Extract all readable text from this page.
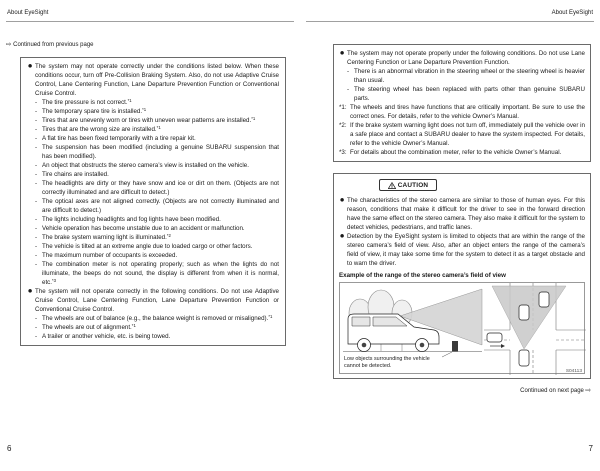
About EyeSight	About EyeSight
⇨ Continued from previous page
● The system may not operate correctly under the conditions listed below. When these conditions occur, turn off Pre-Collision Braking System. Also, do not use Adaptive Cruise Control, Lane Centering Function, Lane Departure Prevention Function or Conventional Cruise Control.
- The tire pressure is not correct.$^{*1}$
- The temporary spare tire is installed.$^{*1}$
- Tires that are unevenly worn or tires with uneven wear patterns are installed.$^{*1}$
- Tires that are the wrong size are installed.$^{*1}$
- A flat tire has been fixed temporarily with a tire repair kit.
- The suspension has been modified (including a genuine SUBARU suspension that has been modified).
- An object that obstructs the stereo camera’s view is installed on the vehicle.
- Tire chains are installed.
- The headlights are dirty or they have snow and ice or dirt on them. (Objects are not correctly illuminated and are difficult to detect.)
- The optical axes are not aligned correctly. (Objects are not correctly illuminated and are difficult to detect.)
- The lights including headlights and fog lights have been modified.
- Vehicle operation has become unstable due to an accident or malfunction.
- The brake system warning light is illuminated.$^{*2}$
- The vehicle is tilted at an extreme angle due to loaded cargo or other factors.
- The maximum number of occupants is exceeded.
- The combination meter is not operating properly; such as when the lights do not illuminate, the beeps do not sound, the display is different from when it is normal, etc.$^{*3}$
● The system will not operate correctly in the following conditions. Do not use Adaptive Cruise Control, Lane Centering Function, Lane Departure Prevention Function or Conventional Cruise Control.
- The wheels are out of balance (e.g., the balance weight is removed or misaligned).$^{*1}$
- The wheels are out of alignment.$^{*1}$
- A trailer or another vehicle, etc. is being towed.
6
● The system may not operate properly under the following conditions. Do not use Lane Centering Function or Lane Departure Prevention Function.
- There is an abnormal vibration in the steering wheel or the steering wheel is heavier than usual.
- The steering wheel has been replaced with parts other than genuine SUBARU parts.
*1: The wheels and tires have functions that are critically important. Be sure to use the correct ones. For details, refer to the vehicle Owner’s Manual.
*2: If the brake system warning light does not turn off, immediately pull the vehicle over in a safe place and contact a SUBARU dealer to have the system inspected. For details, refer to the vehicle Owner’s Manual.
*3: For details about the combination meter, refer to the vehicle Owner’s Manual.
CAUTION
● The characteristics of the stereo camera are similar to those of human eyes. For this reason, conditions that make it difficult for the driver to see in the forward direction have the same effect on the stereo camera. They also make it difficult for the system to detect vehicles, pedestrians, and traffic lanes.
● Detection by the EyeSight system is limited to objects that are within the range of the stereo camera’s field of view. Also, after an object enters the range of the camera’s field of view, it may take some time for the system to detect it as a target obstacle and to warn the driver.
Example of the range of the stereo camera’s field of view
Low objects surrounding the vehicle
cannot be detected.
S04113
Continued on next page ⇨
7
